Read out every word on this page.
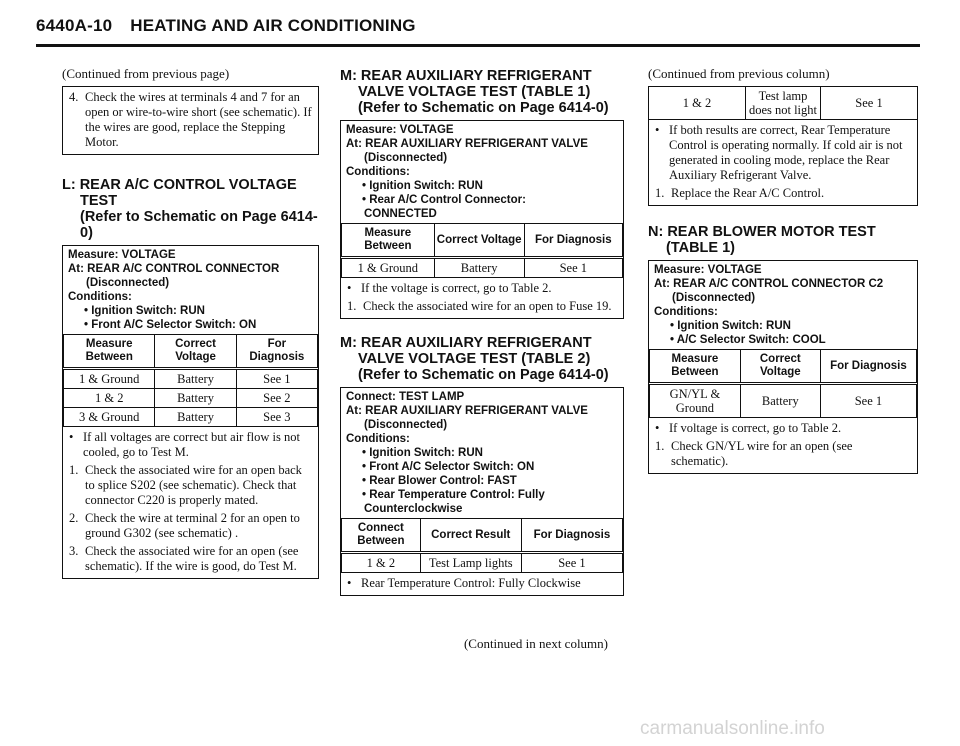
6440A-10 HEATING AND AIR CONDITIONING
(Continued from previous page)
4. Check the wires at terminals 4 and 7 for an open or wire-to-wire short (see schematic). If the wires are good, replace the Stepping Motor.
L: REAR A/C CONTROL VOLTAGE
TEST
(Refer to Schematic on Page 6414-0)
Measure: VOLTAGE
At: REAR A/C CONTROL CONNECTOR
(Disconnected)
Conditions:
• Ignition Switch: RUN
• Front A/C Selector Switch: ON
Measure Between	Correct Voltage	For Diagnosis
1 & Ground	Battery	See 1
1 & 2	Battery	See 2
3 & Ground	Battery	See 3
• If all voltages are correct but air flow is not cooled, go to Test M.
1. Check the associated wire for an open back to splice S202 (see schematic). Check that connector C220 is properly mated.
2. Check the wire at terminal 2 for an open to ground G302 (see schematic) .
3. Check the associated wire for an open (see schematic). If the wire is good, do Test M.
M: REAR AUXILIARY REFRIGERANT
VALVE VOLTAGE TEST (TABLE 1)
(Refer to Schematic on Page 6414-0)
Measure: VOLTAGE
At: REAR AUXILIARY REFRIGERANT VALVE
(Disconnected)
Conditions:
• Ignition Switch: RUN
• Rear A/C Control Connector:
CONNECTED
Measure Between	Correct Voltage	For Diagnosis
1 & Ground	Battery	See 1
• If the voltage is correct, go to Table 2.
1. Check the associated wire for an open to Fuse 19.
M: REAR AUXILIARY REFRIGERANT
VALVE VOLTAGE TEST (TABLE 2)
(Refer to Schematic on Page 6414-0)
Connect: TEST LAMP
At: REAR AUXILIARY REFRIGERANT VALVE
(Disconnected)
Conditions:
• Ignition Switch: RUN
• Front A/C Selector Switch: ON
• Rear Blower Control: FAST
• Rear Temperature Control: Fully
Counterclockwise
Connect Between	Correct Result	For Diagnosis
1 & 2	Test Lamp lights	See 1
• Rear Temperature Control: Fully Clockwise
(Continued in next column)
(Continued from previous column)
1 & 2	Test lamp does not light	See 1
• If both results are correct, Rear Temperature Control is operating normally. If cold air is not generated in cooling mode, replace the Rear Auxiliary Refrigerant Valve.
1. Replace the Rear A/C Control.
N: REAR BLOWER MOTOR TEST
(TABLE 1)
Measure: VOLTAGE
At: REAR A/C CONTROL CONNECTOR C2
(Disconnected)
Conditions:
• Ignition Switch: RUN
• A/C Selector Switch: COOL
Measure Between	Correct Voltage	For Diagnosis
GN/YL & Ground	Battery	See 1
• If voltage is correct, go to Table 2.
1. Check GN/YL wire for an open (see schematic).
carmanualsonline.info
